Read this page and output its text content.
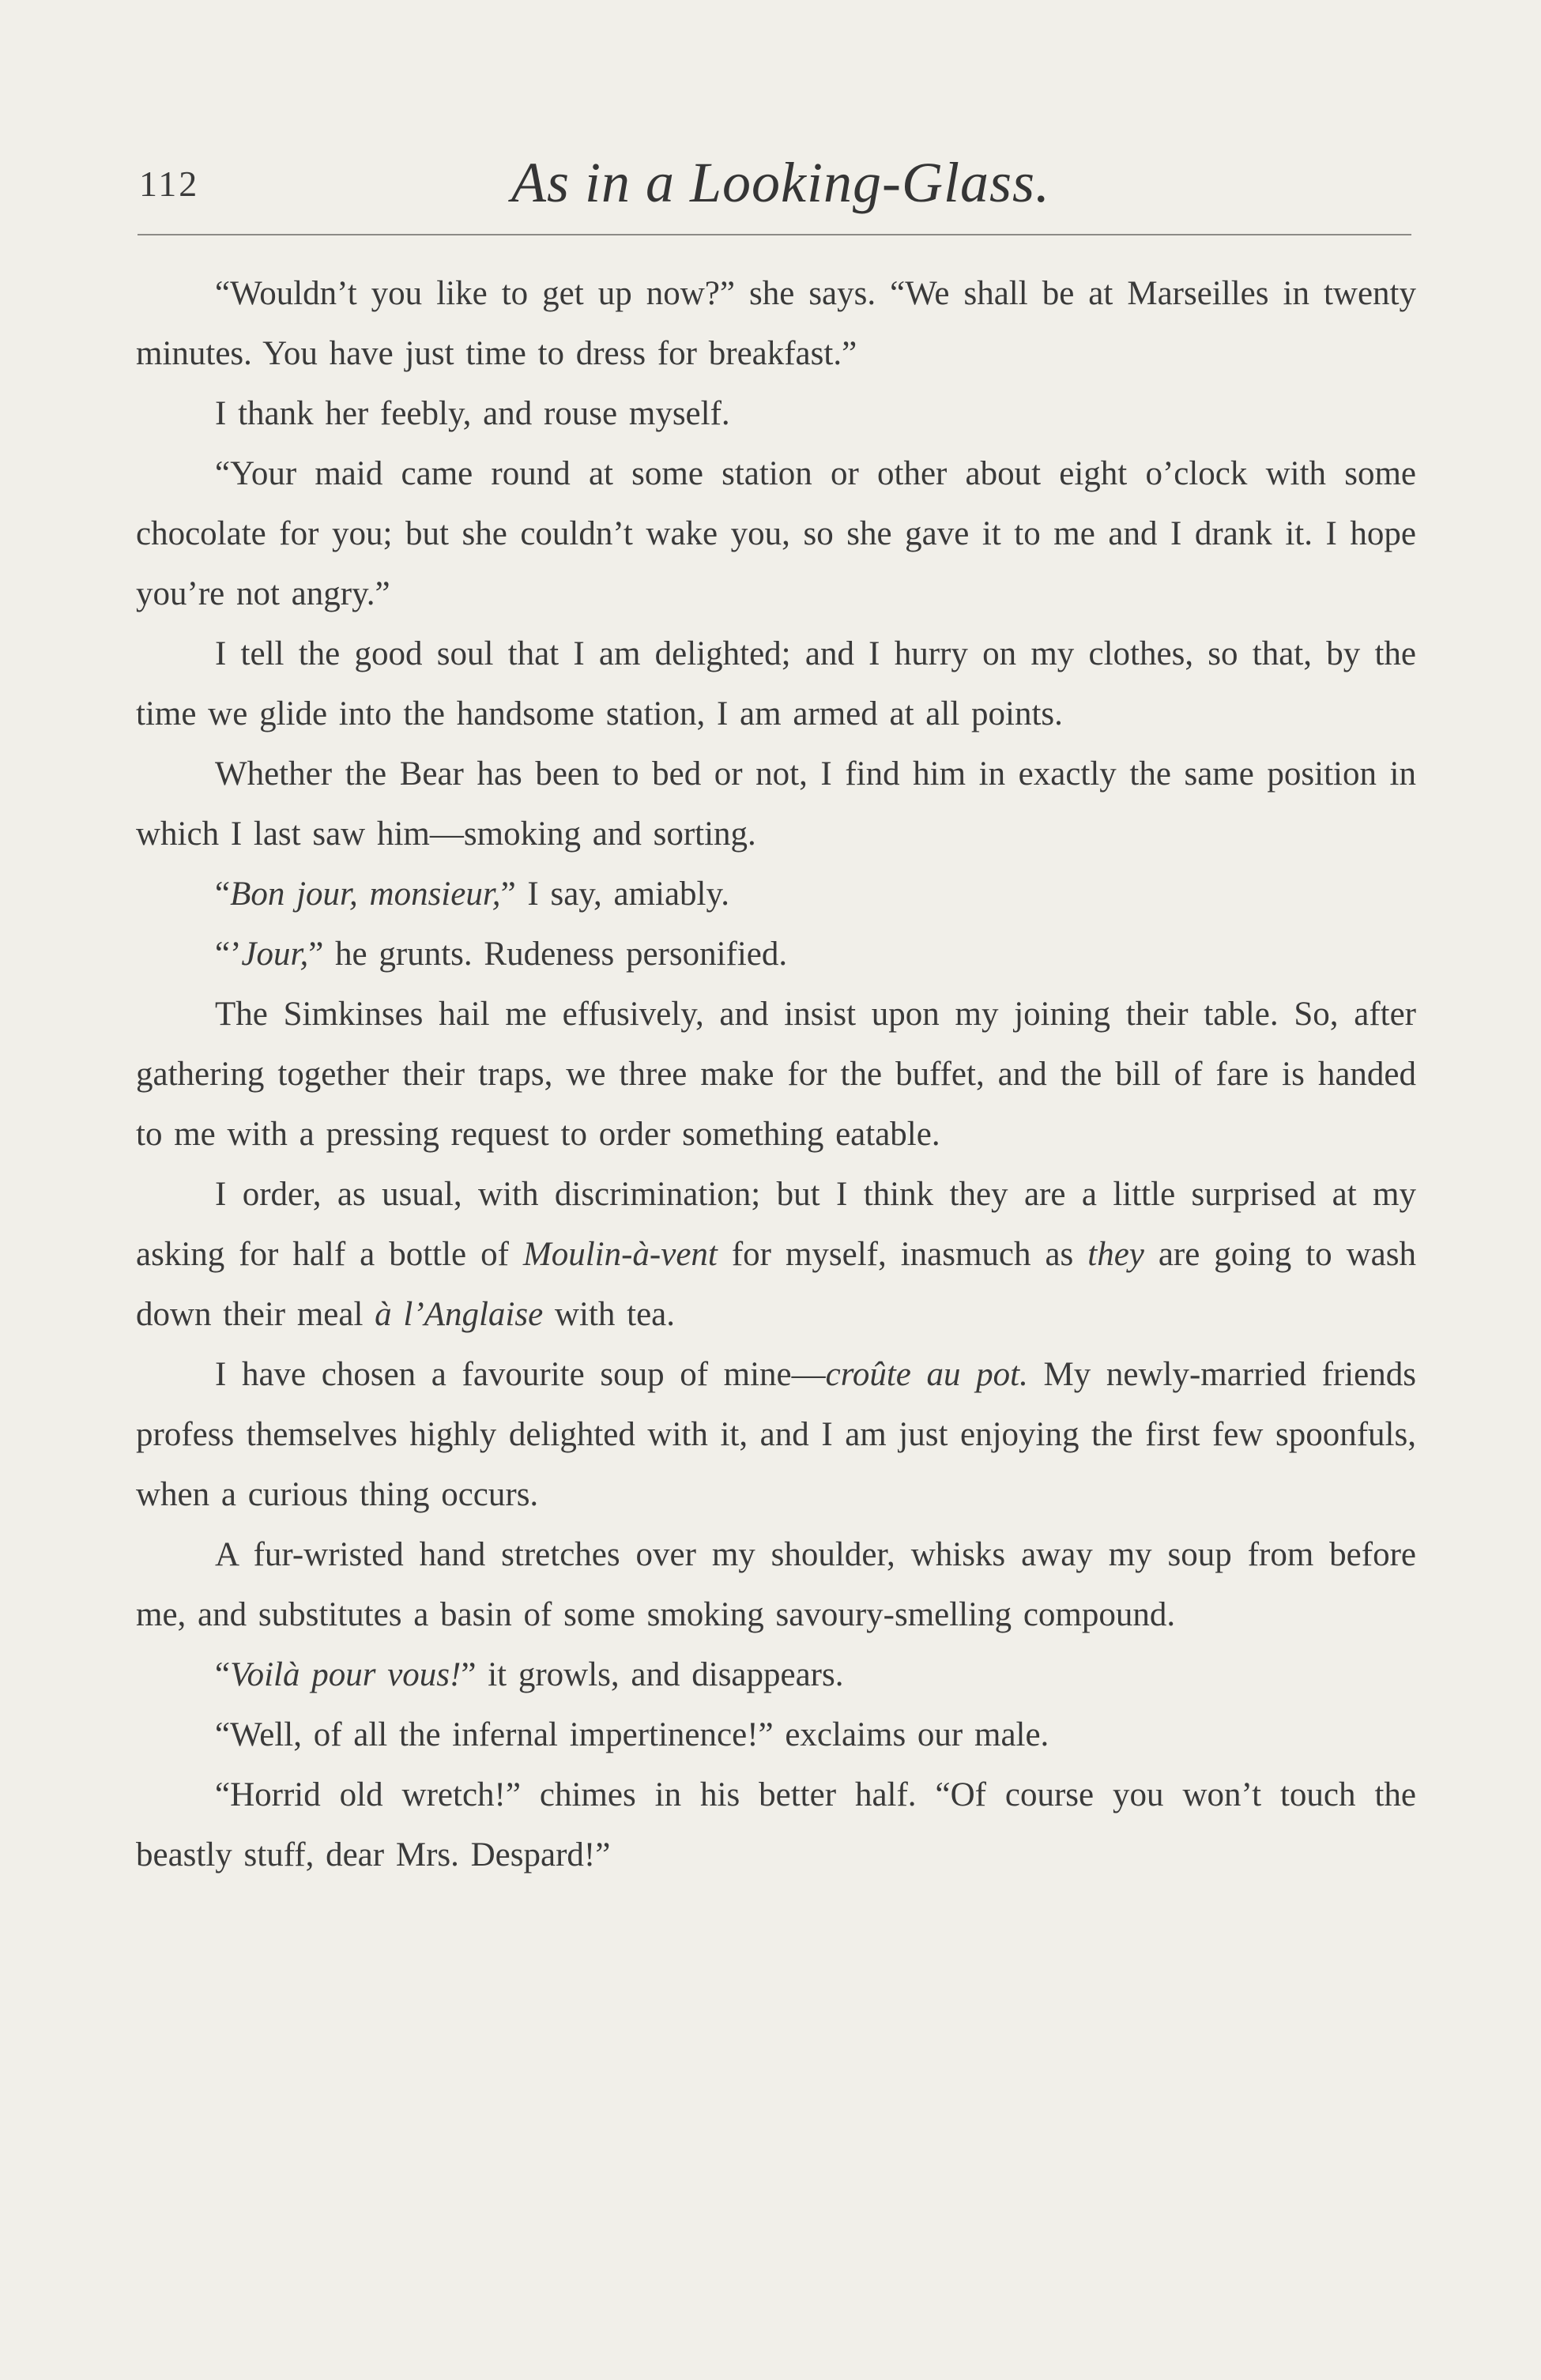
112	As in a Looking-Glass.

“Wouldn’t you like to get up now?” she says. “We shall be at Marseilles in twenty minutes. You have just time to dress for breakfast.”

I thank her feebly, and rouse myself.

“Your maid came round at some station or other about eight o’clock with some chocolate for you; but she couldn’t wake you, so she gave it to me and I drank it. I hope you’re not angry.”

I tell the good soul that I am delighted; and I hurry on my clothes, so that, by the time we glide into the handsome station, I am armed at all points.

Whether the Bear has been to bed or not, I find him in exactly the same position in which I last saw him—smoking and sorting.

“Bon jour, monsieur,” I say, amiably.

“’Jour,” he grunts. Rudeness personified.

The Simkinses hail me effusively, and insist upon my joining their table. So, after gathering together their traps, we three make for the buffet, and the bill of fare is handed to me with a pressing request to order something eatable.

I order, as usual, with discrimination; but I think they are a little surprised at my asking for half a bottle of Moulin-à-vent for myself, inasmuch as they are going to wash down their meal à l’Anglaise with tea.

I have chosen a favourite soup of mine—croûte au pot. My newly-married friends profess themselves highly delighted with it, and I am just enjoying the first few spoonfuls, when a curious thing occurs.

A fur-wristed hand stretches over my shoulder, whisks away my soup from before me, and substitutes a basin of some smoking savoury-smelling compound.

“Voilà pour vous!” it growls, and disappears.

“Well, of all the infernal impertinence!” exclaims our male.

“Horrid old wretch!” chimes in his better half. “Of course you won’t touch the beastly stuff, dear Mrs. Despard!”
